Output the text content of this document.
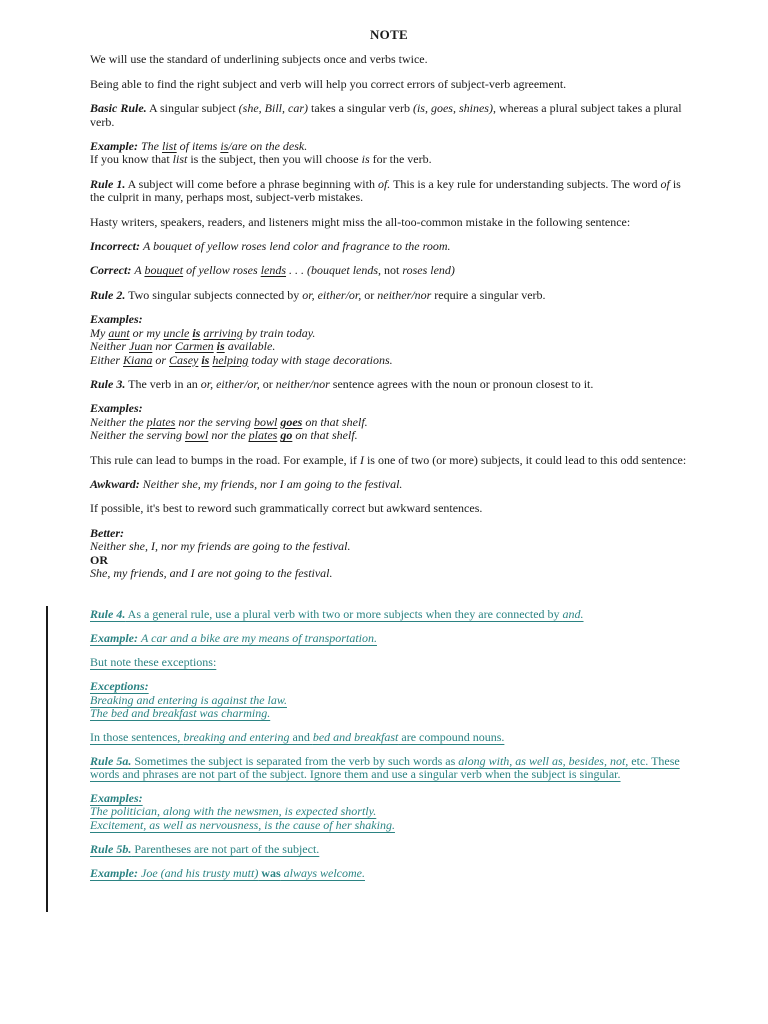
NOTE
We will use the standard of underlining subjects once and verbs twice.
Being able to find the right subject and verb will help you correct errors of subject-verb agreement.
Basic Rule. A singular subject (she, Bill, car) takes a singular verb (is, goes, shines), whereas a plural subject takes a plural verb.
Example: The list of items is/are on the desk.
If you know that list is the subject, then you will choose is for the verb.
Rule 1. A subject will come before a phrase beginning with of. This is a key rule for understanding subjects. The word of is the culprit in many, perhaps most, subject-verb mistakes.
Hasty writers, speakers, readers, and listeners might miss the all-too-common mistake in the following sentence:
Incorrect: A bouquet of yellow roses lend color and fragrance to the room.
Correct: A bouquet of yellow roses lends . . . (bouquet lends, not roses lend)
Rule 2. Two singular subjects connected by or, either/or, or neither/nor require a singular verb.
Examples:
My aunt or my uncle is arriving by train today.
Neither Juan nor Carmen is available.
Either Kiana or Casey is helping today with stage decorations.
Rule 3. The verb in an or, either/or, or neither/nor sentence agrees with the noun or pronoun closest to it.
Examples:
Neither the plates nor the serving bowl goes on that shelf.
Neither the serving bowl nor the plates go on that shelf.
This rule can lead to bumps in the road. For example, if I is one of two (or more) subjects, it could lead to this odd sentence:
Awkward: Neither she, my friends, nor I am going to the festival.
If possible, it's best to reword such grammatically correct but awkward sentences.
Better:
Neither she, I, nor my friends are going to the festival.
OR
She, my friends, and I are not going to the festival.
Rule 4. As a general rule, use a plural verb with two or more subjects when they are connected by and.
Example: A car and a bike are my means of transportation.
But note these exceptions:
Exceptions:
Breaking and entering is against the law.
The bed and breakfast was charming.
In those sentences, breaking and entering and bed and breakfast are compound nouns.
Rule 5a. Sometimes the subject is separated from the verb by such words as along with, as well as, besides, not, etc. These words and phrases are not part of the subject. Ignore them and use a singular verb when the subject is singular.
Examples:
The politician, along with the newsmen, is expected shortly.
Excitement, as well as nervousness, is the cause of her shaking.
Rule 5b. Parentheses are not part of the subject.
Example: Joe (and his trusty mutt) was always welcome.
